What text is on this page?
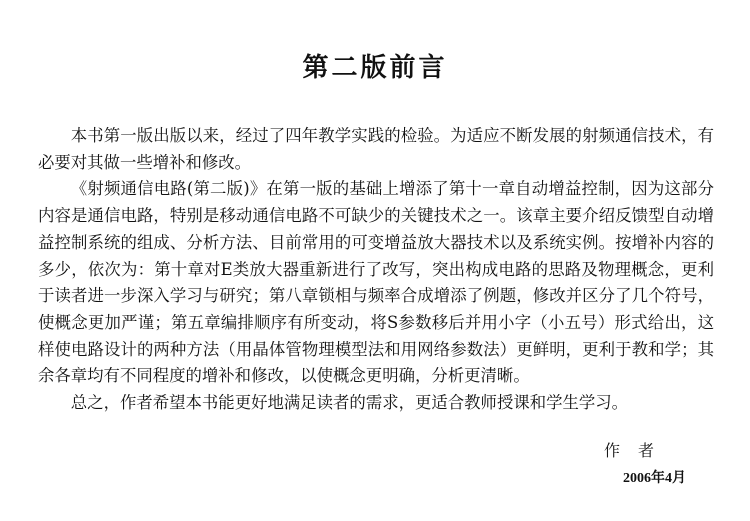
第二版前言

本书第一版出版以来，经过了四年教学实践的检验。为适应不断发展的射频通信技术，有必要对其做一些增补和修改。

《射频通信电路(第二版)》在第一版的基础上增添了第十一章自动增益控制，因为这部分内容是通信电路，特别是移动通信电路不可缺少的关键技术之一。该章主要介绍反馈型自动增益控制系统的组成、分析方法、目前常用的可变增益放大器技术以及系统实例。按增补内容的多少，依次为：第十章对E类放大器重新进行了改写，突出构成电路的思路及物理概念，更利于读者进一步深入学习与研究；第八章锁相与频率合成增添了例题，修改并区分了几个符号，使概念更加严谨；第五章编排顺序有所变动，将S参数移后并用小字（小五号）形式给出，这样使电路设计的两种方法（用晶体管物理模型法和用网络参数法）更鲜明，更利于教和学；其余各章均有不同程度的增补和修改，以使概念更明确，分析更清晰。

总之，作者希望本书能更好地满足读者的需求，更适合教师授课和学生学习。

作者
2006年4月
